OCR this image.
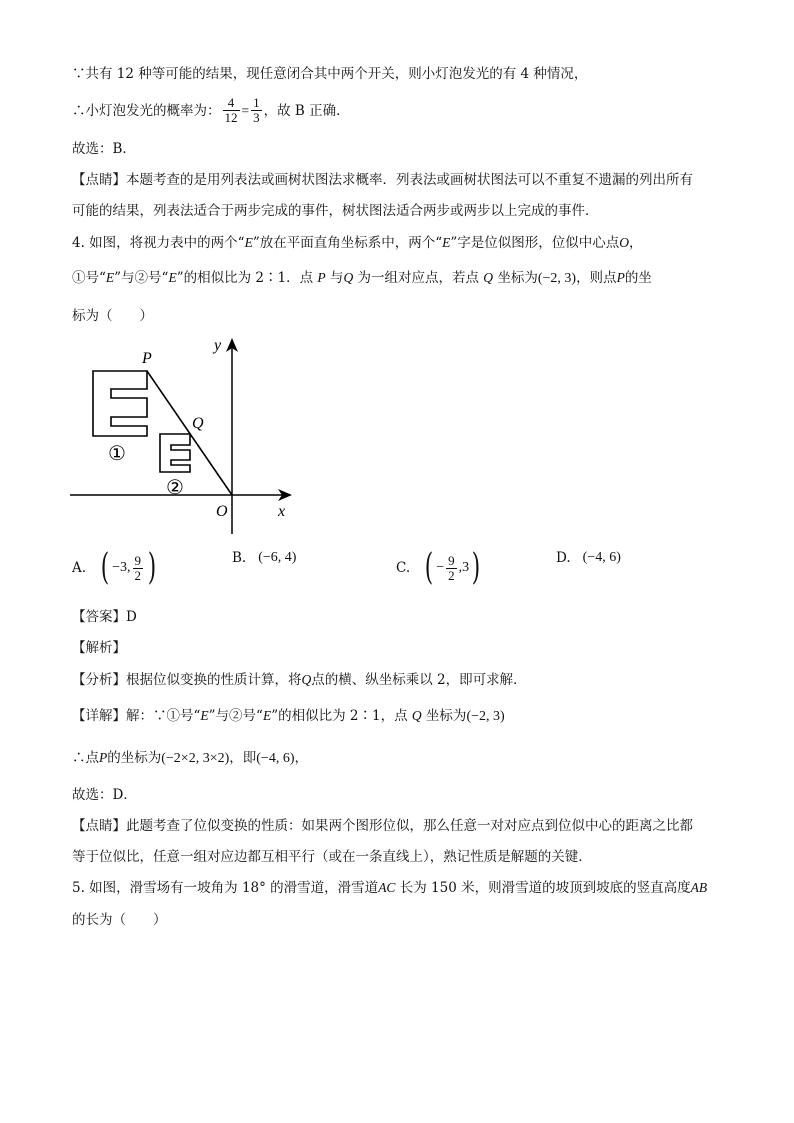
∵共有 12 种等可能的结果，现任意闭合其中两个开关，则小灯泡发光的有 4 种情况，
∴小灯泡发光的概率为： $\frac{4}{12} = \frac{1}{3}$ ，故 B 正确．
故选：B．
【点睛】本题考查的是用列表法或画树状图法求概率．列表法或画树状图法可以不重复不遗漏的列出所有
可能的结果，列表法适合于两步完成的事件，树状图法适合两步或两步以上完成的事件．
4. 如图，将视力表中的两个“E”放在平面直角坐标系中，两个“E”字是位似图形，位似中心点O，
①号“E”与②号“E”的相似比为 2∶1．点 P 与Q 为一组对应点，若点 Q 坐标为(−2, 3)，则点P的坐
标为（　　）
P
Q
O	x
y
①
②
A. ( −3, $\frac{9}{2}$ )	B. (−6, 4)
C. ( − $\frac{9}{2} ,3$ )	D. (−4, 6)
【答案】D
【解析】
【分析】根据位似变换的性质计算，将Q点的横、纵坐标乘以 2，即可求解．
【详解】解：∵①号“E”与②号“E”的相似比为 2∶1，点 Q 坐标为(−2, 3)
∴点P的坐标为(−2×2, 3×2)，即(−4, 6)，
故选：D．
【点睛】此题考查了位似变换的性质：如果两个图形位似，那么任意一对对应点到位似中心的距离之比都
等于位似比，任意一组对应边都互相平行（或在一条直线上），熟记性质是解题的关键．
5. 如图，滑雪场有一坡角为 18° 的滑雪道，滑雪道AC 长为 150 米，则滑雪道的坡顶到坡底的竖直高度AB
的长为（　　）
